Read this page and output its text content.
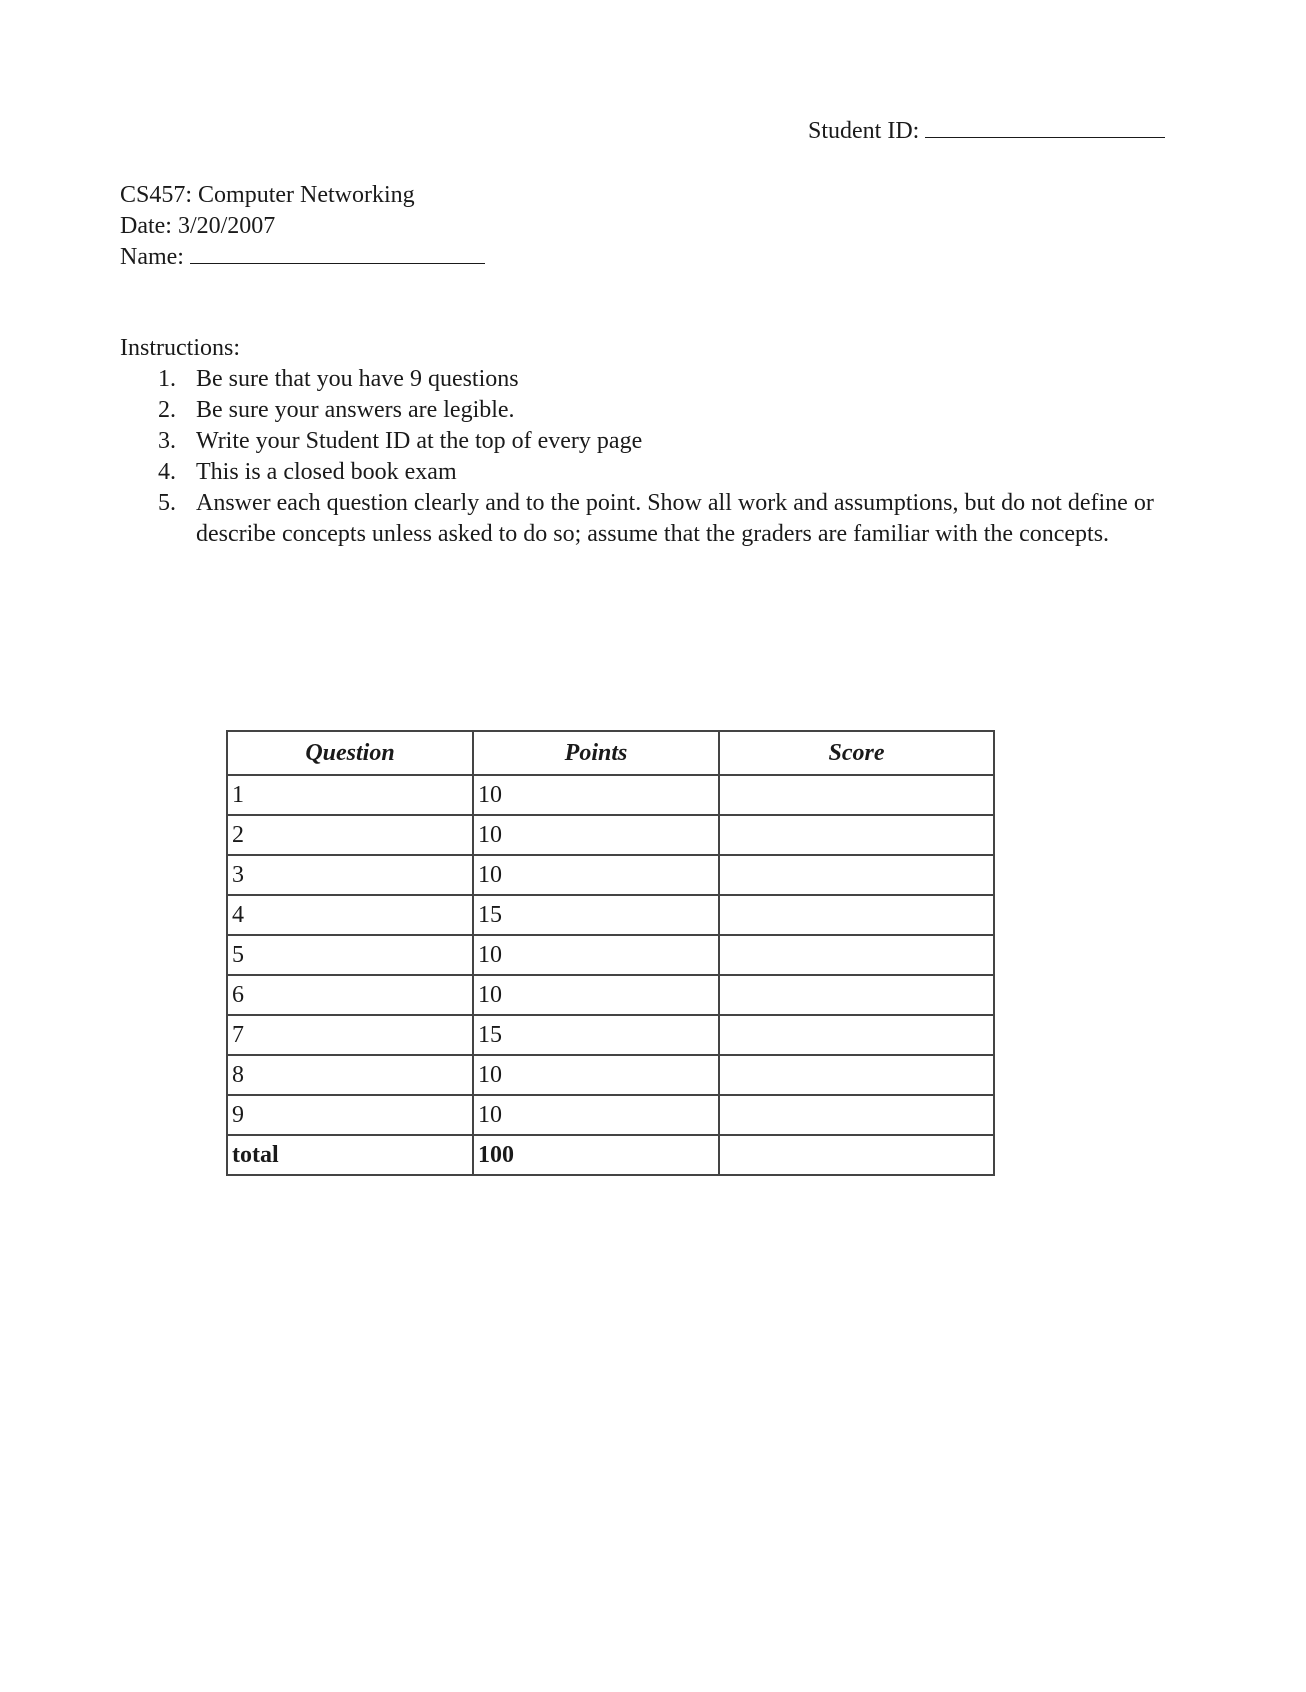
Student ID:
CS457: Computer Networking
Date: 3/20/2007
Name:
Instructions:
1. Be sure that you have 9 questions
2. Be sure your answers are legible.
3. Write your Student ID at the top of every page
4. This is a closed book exam
5. Answer each question clearly and to the point. Show all work and assumptions, but do not define or describe concepts unless asked to do so; assume that the graders are familiar with the concepts.
Question	Points	Score
1	10	
2	10	
3	10	
4	15	
5	10	
6	10	
7	15	
8	10	
9	10	
total	100	
